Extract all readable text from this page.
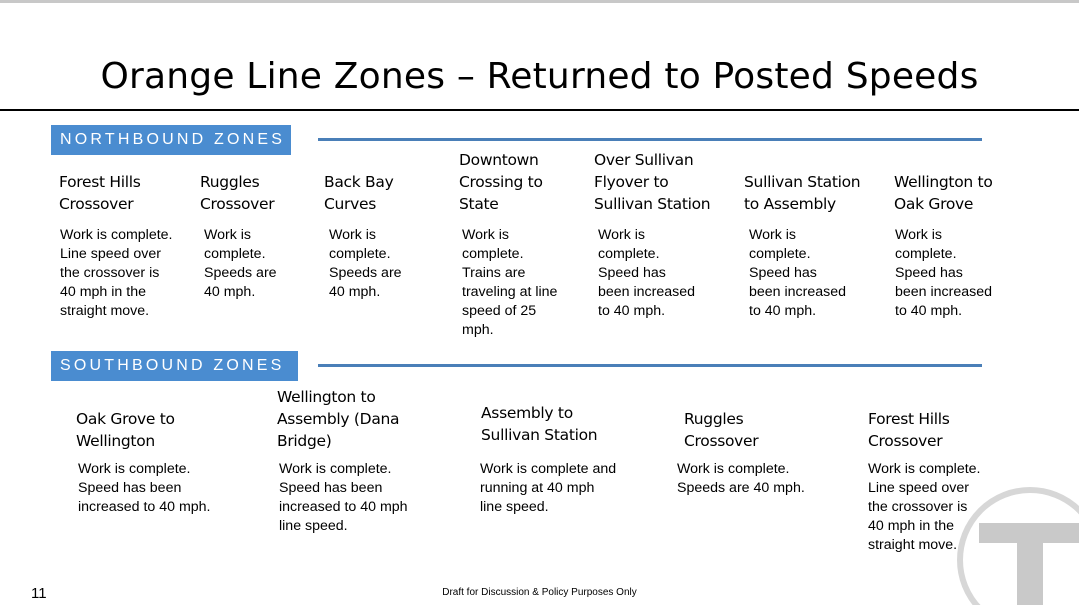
Orange Line Zones – Returned to Posted Speeds
NORTHBOUND ZONES
Forest Hills
Crossover
Work is complete.
Line speed over
the crossover is
40 mph in the
straight move.
Ruggles
Crossover
Work is
complete.
Speeds are
40 mph.
Back Bay
Curves
Work is
complete.
Speeds are
40 mph.
Downtown
Crossing to
State
Work is
complete.
Trains are
traveling at line
speed of 25
mph.
Over Sullivan
Flyover to
Sullivan Station
Work is
complete.
Speed has
been increased
to 40 mph.
Sullivan Station
to Assembly
Work is
complete.
Speed has
been increased
to 40 mph.
Wellington to
Oak Grove
Work is
complete.
Speed has
been increased
to 40 mph.
SOUTHBOUND ZONES
Oak Grove to
Wellington
Work is complete.
Speed has been
increased to 40 mph.
Wellington to
Assembly (Dana
Bridge)
Work is complete.
Speed has been
increased to 40 mph
line speed.
Assembly to
Sullivan Station
Work is complete and
running at 40 mph
line speed.
Ruggles
Crossover
Work is complete.
Speeds are 40 mph.
Forest Hills
Crossover
Work is complete.
Line speed over
the crossover is
40 mph in the
straight move.
11	Draft for Discussion & Policy Purposes Only
